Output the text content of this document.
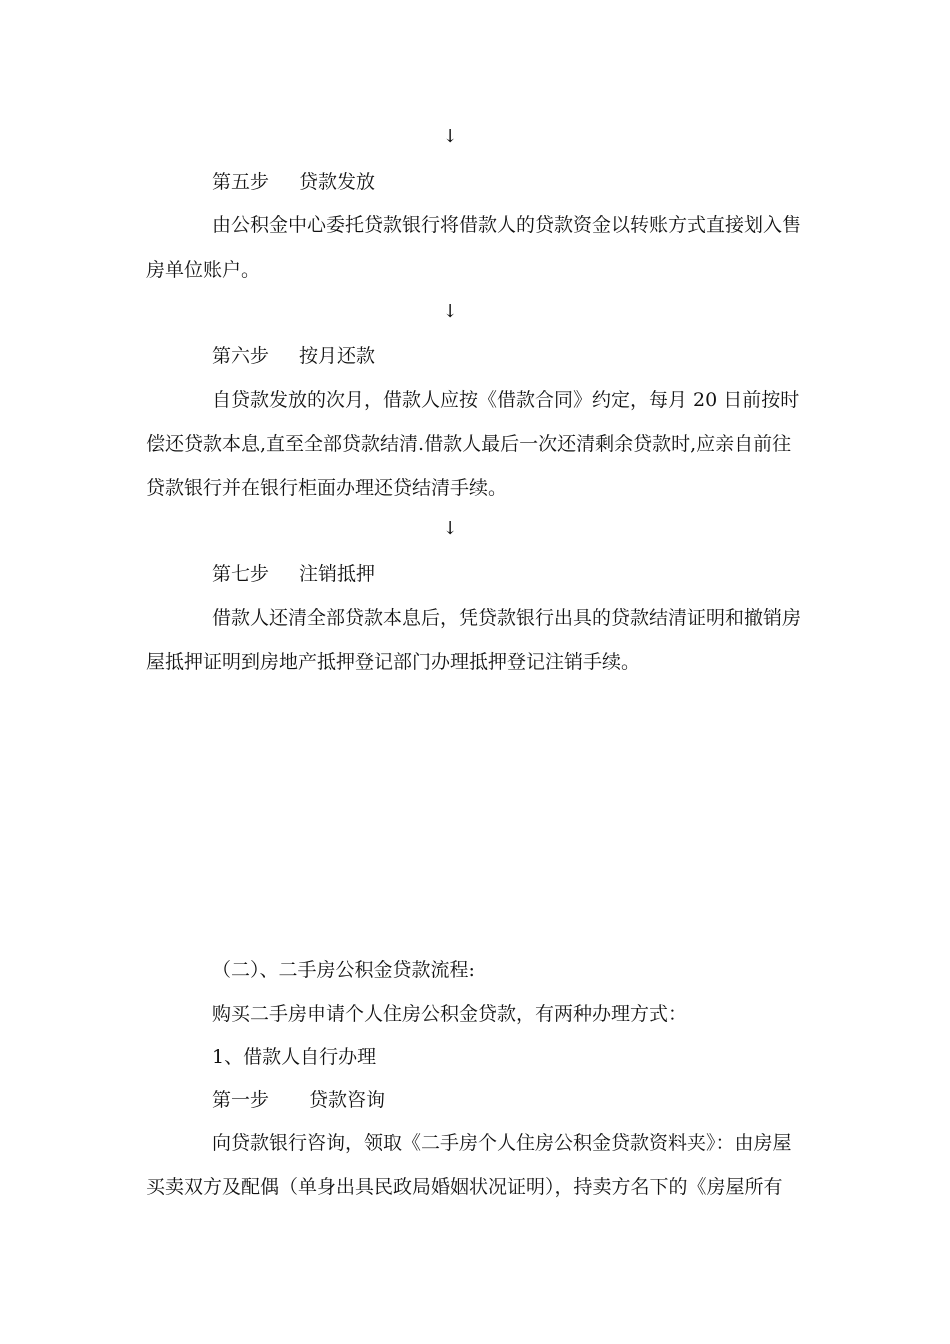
↓
第五步 贷款发放
由公积金中心委托贷款银行将借款人的贷款资金以转账方式直接划入售
房单位账户。
↓
第六步 按月还款
自贷款发放的次月，借款人应按《借款合同》约定，每月 20 日前按时
偿还贷款本息,直至全部贷款结清.借款人最后一次还清剩余贷款时,应亲自前往
贷款银行并在银行柜面办理还贷结清手续。
↓
第七步 注销抵押
借款人还清全部贷款本息后，凭贷款银行出具的贷款结清证明和撤销房
屋抵押证明到房地产抵押登记部门办理抵押登记注销手续。
（二）、二手房公积金贷款流程:
购买二手房申请个人住房公积金贷款，有两种办理方式：
1、借款人自行办理
第一步 贷款咨询
向贷款银行咨询，领取《二手房个人住房公积金贷款资料夹》：由房屋
买卖双方及配偶（单身出具民政局婚姻状况证明），持卖方名下的《房屋所有
